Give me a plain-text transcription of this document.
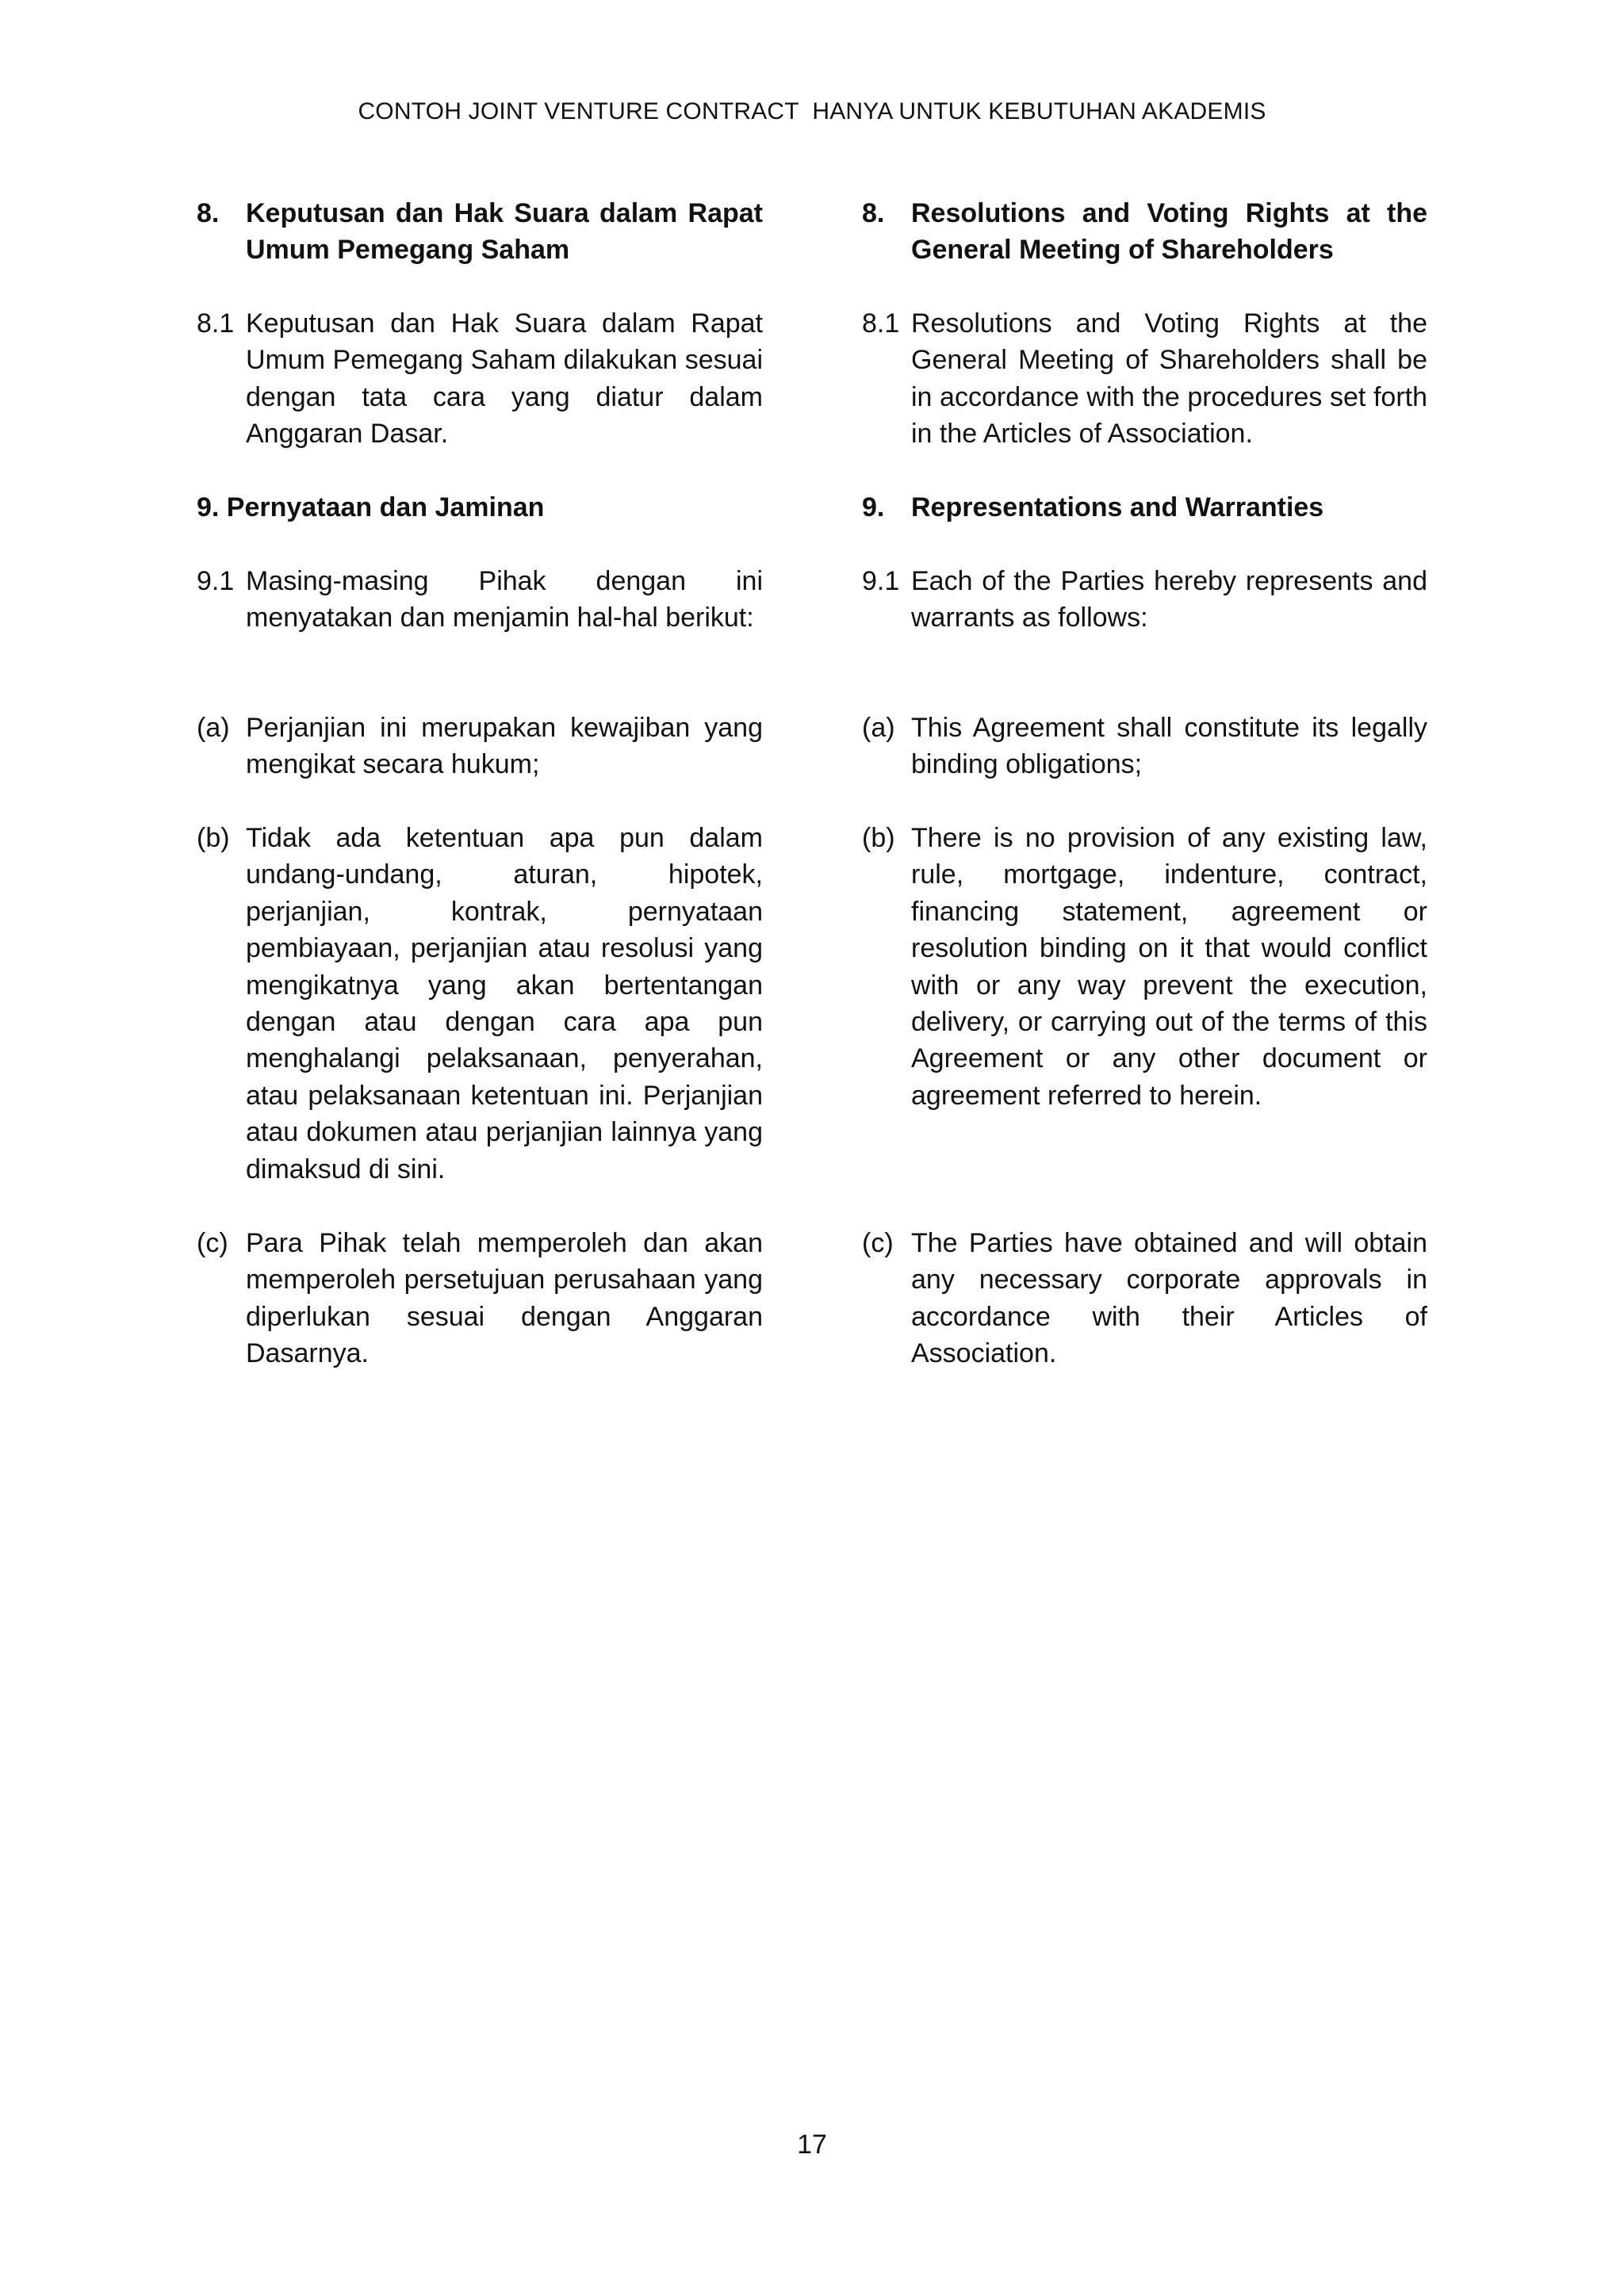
CONTOH JOINT VENTURE CONTRACT  HANYA UNTUK KEBUTUHAN AKADEMIS
8. Keputusan dan Hak Suara dalam Rapat Umum Pemegang Saham
8.1 Keputusan dan Hak Suara dalam Rapat Umum Pemegang Saham dilakukan sesuai dengan tata cara yang diatur dalam Anggaran Dasar.
9. Pernyataan dan Jaminan
9.1 Masing-masing Pihak dengan ini menyatakan dan menjamin hal-hal berikut:
(a) Perjanjian ini merupakan kewajiban yang mengikat secara hukum;
(b) Tidak ada ketentuan apa pun dalam undang-undang, aturan, hipotek, perjanjian, kontrak, pernyataan pembiayaan, perjanjian atau resolusi yang mengikatnya yang akan bertentangan dengan atau dengan cara apa pun menghalangi pelaksanaan, penyerahan, atau pelaksanaan ketentuan ini. Perjanjian atau dokumen atau perjanjian lainnya yang dimaksud di sini.
(c) Para Pihak telah memperoleh dan akan memperoleh persetujuan perusahaan yang diperlukan sesuai dengan Anggaran Dasarnya.
8. Resolutions and Voting Rights at the General Meeting of Shareholders
8.1 Resolutions and Voting Rights at the General Meeting of Shareholders shall be in accordance with the procedures set forth in the Articles of Association.
9. Representations and Warranties
9.1 Each of the Parties hereby represents and warrants as follows:
(a) This Agreement shall constitute its legally binding obligations;
(b) There is no provision of any existing law, rule, mortgage, indenture, contract, financing statement, agreement or resolution binding on it that would conflict with or any way prevent the execution, delivery, or carrying out of the terms of this Agreement or any other document or agreement referred to herein.
(c) The Parties have obtained and will obtain any necessary corporate approvals in accordance with their Articles of Association.
17
